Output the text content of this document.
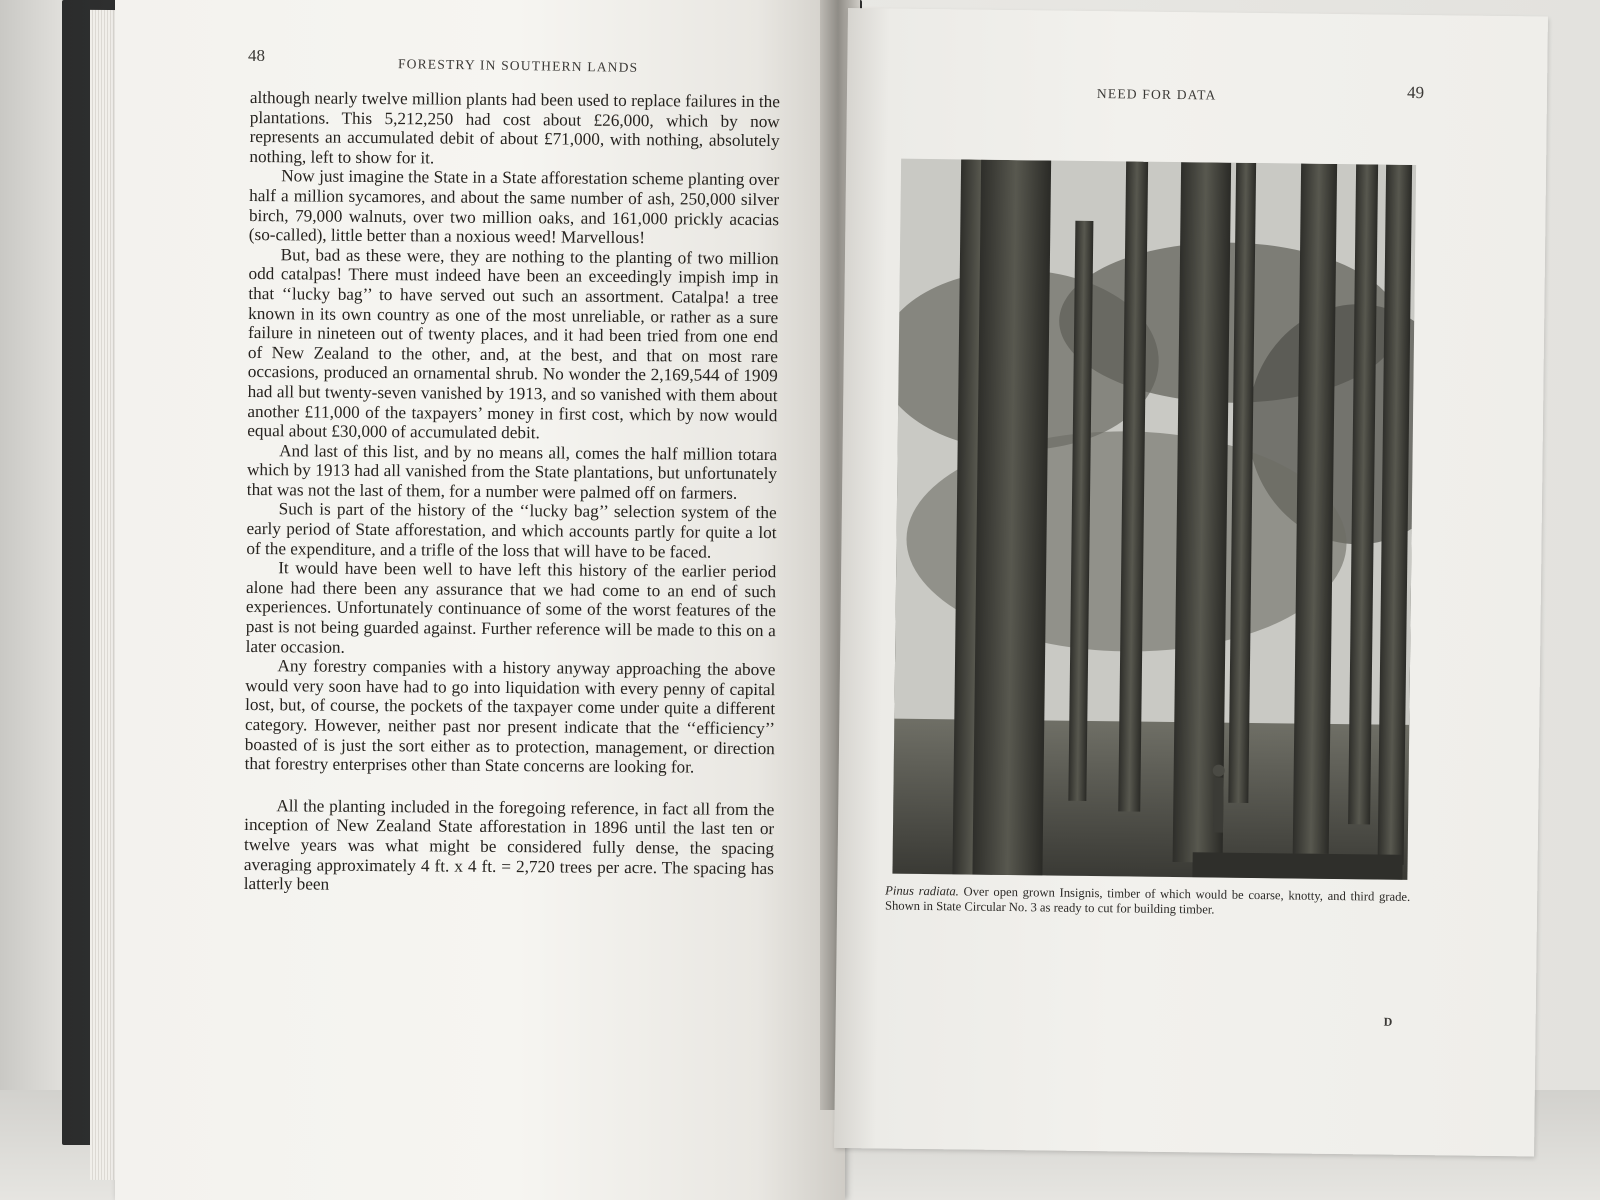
48
FORESTRY IN SOUTHERN LANDS

although nearly twelve million plants had been used to replace failures in the plantations. This 5,212,250 had cost about £26,000, which by now represents an accumulated debit of about £71,000, with nothing, absolutely nothing, left to show for it.

Now just imagine the State in a State afforestation scheme planting over half a million sycamores, and about the same number of ash, 250,000 silver birch, 79,000 walnuts, over two million oaks, and 161,000 prickly acacias (so-called), little better than a noxious weed! Marvellous!

But, bad as these were, they are nothing to the planting of two million odd catalpas! There must indeed have been an exceedingly impish imp in that ‘‘lucky bag’’ to have served out such an assortment. Catalpa! a tree known in its own country as one of the most unreliable, or rather as a sure failure in nineteen out of twenty places, and it had been tried from one end of New Zealand to the other, and, at the best, and that on most rare occasions, produced an ornamental shrub. No wonder the 2,169,544 of 1909 had all but twenty-seven vanished by 1913, and so vanished with them about another £11,000 of the taxpayers’ money in first cost, which by now would equal about £30,000 of accumulated debit.

And last of this list, and by no means all, comes the half million totara which by 1913 had all vanished from the State plantations, but unfortunately that was not the last of them, for a number were palmed off on farmers.

Such is part of the history of the ‘‘lucky bag’’ selection system of the early period of State afforestation, and which accounts partly for quite a lot of the expenditure, and a trifle of the loss that will have to be faced.

It would have been well to have left this history of the earlier period alone had there been any assurance that we had come to an end of such experiences. Unfortunately continuance of some of the worst features of the past is not being guarded against. Further reference will be made to this on a later occasion.

Any forestry companies with a history anyway approaching the above would very soon have had to go into liquidation with every penny of capital lost, but, of course, the pockets of the taxpayer come under quite a different category. However, neither past nor present indicate that the ‘‘efficiency’’ boasted of is just the sort either as to protection, management, or direction that forestry enterprises other than State concerns are looking for.

All the planting included in the foregoing reference, in fact all from the inception of New Zealand State afforestation in 1896 until the last ten or twelve years was what might be considered fully dense, the spacing averaging approximately 4 ft. x 4 ft. = 2,720 trees per acre. The spacing has latterly been

NEED FOR DATA	49
Pinus radiata. Over open grown Insignis, timber of which would be coarse, knotty, and third grade. Shown in State Circular No. 3 as ready to cut for building timber.
D
